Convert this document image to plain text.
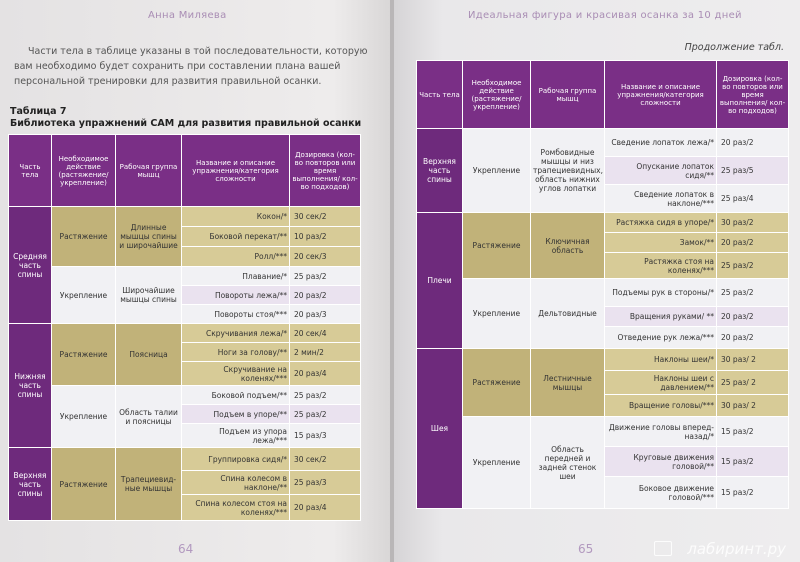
Анна Миляева
Части тела в таблице указаны в той последовательности, которую вам необходимо будет сохранить при составлении плана вашей персональной тренировки для развития правильной осанки.
Таблица 7
Библиотека упражнений САМ для развития правильной осанки
Часть тела	Необходимое действие (растяжение/ укрепление)	Рабочая группа мышц	Название и описание упражнения/категория сложности	Дозировка (кол-во повторов или время выполнения/ кол-во подходов)
Средняя часть спины	Растяжение	Длинные мышцы спины и широчайшие	Кокон/*	30 сек/2
			Боковой перекат/**	10 раз/2
			Ролл/***	20 сек/3
	Укрепление	Широчайшие мышцы спины	Плавание/*	25 раз/2
			Повороты лежа/**	20 раз/2
			Повороты стоя/***	20 раз/3
Нижняя часть спины	Растяжение	Поясница	Скручивания лежа/*	20 сек/4
			Ноги за голову/**	2 мин/2
			Скручивание на коленях/***	20 раз/4
	Укрепление	Область талии и поясницы	Боковой подъем/**	25 раз/2
			Подъем в упоре/**	25 раз/2
			Подъем из упора лежа/***	15 раз/3
Верхняя часть спины	Растяжение	Трапециевид-ные мышцы	Группировка сидя/*	30 сек/2
			Спина колесом в наклоне/**	25 раз/3
			Спина колесом стоя на коленях/***	20 раз/4
64
Идеальная фигура и красивая осанка за 10 дней
Продолжение табл.
Часть тела	Необходимое действие (растяжение/ укрепление)	Рабочая группа мышц	Название и описание упражнения/категория сложности	Дозировка (кол-во повторов или время выполнения/ кол-во подходов)
Верхняя часть спины	Укрепление	Ромбовидные мышцы и низ трапециевидных, область нижних углов лопатки	Сведение лопаток лежа/*	20 раз/2
			Опускание лопаток сидя/**	25 раз/5
			Сведение лопаток в наклоне/***	25 раз/4
Плечи	Растяжение	Ключичная область	Растяжка сидя в упоре/*	30 раз/2
			Замок/**	20 раз/2
			Растяжка стоя на коленях/***	25 раз/2
	Укрепление	Дельтовидные	Подъемы рук в стороны/*	25 раз/2
			Вращения руками/ **	20 раз/2
			Отведение рук лежа/***	20 раз/2
Шея	Растяжение	Лестничные мышцы	Наклоны шеи/*	30 раз/ 2
			Наклоны шеи с давлением/**	25 раз/ 2
			Вращение головы/***	30 раз/ 2
	Укрепление	Область передней и задней стенок шеи	Движение головы вперед-назад/*	15 раз/2
			Круговые движения головой/**	15 раз/2
			Боковое движение головой/***	15 раз/2
65	лабиринт.ру
